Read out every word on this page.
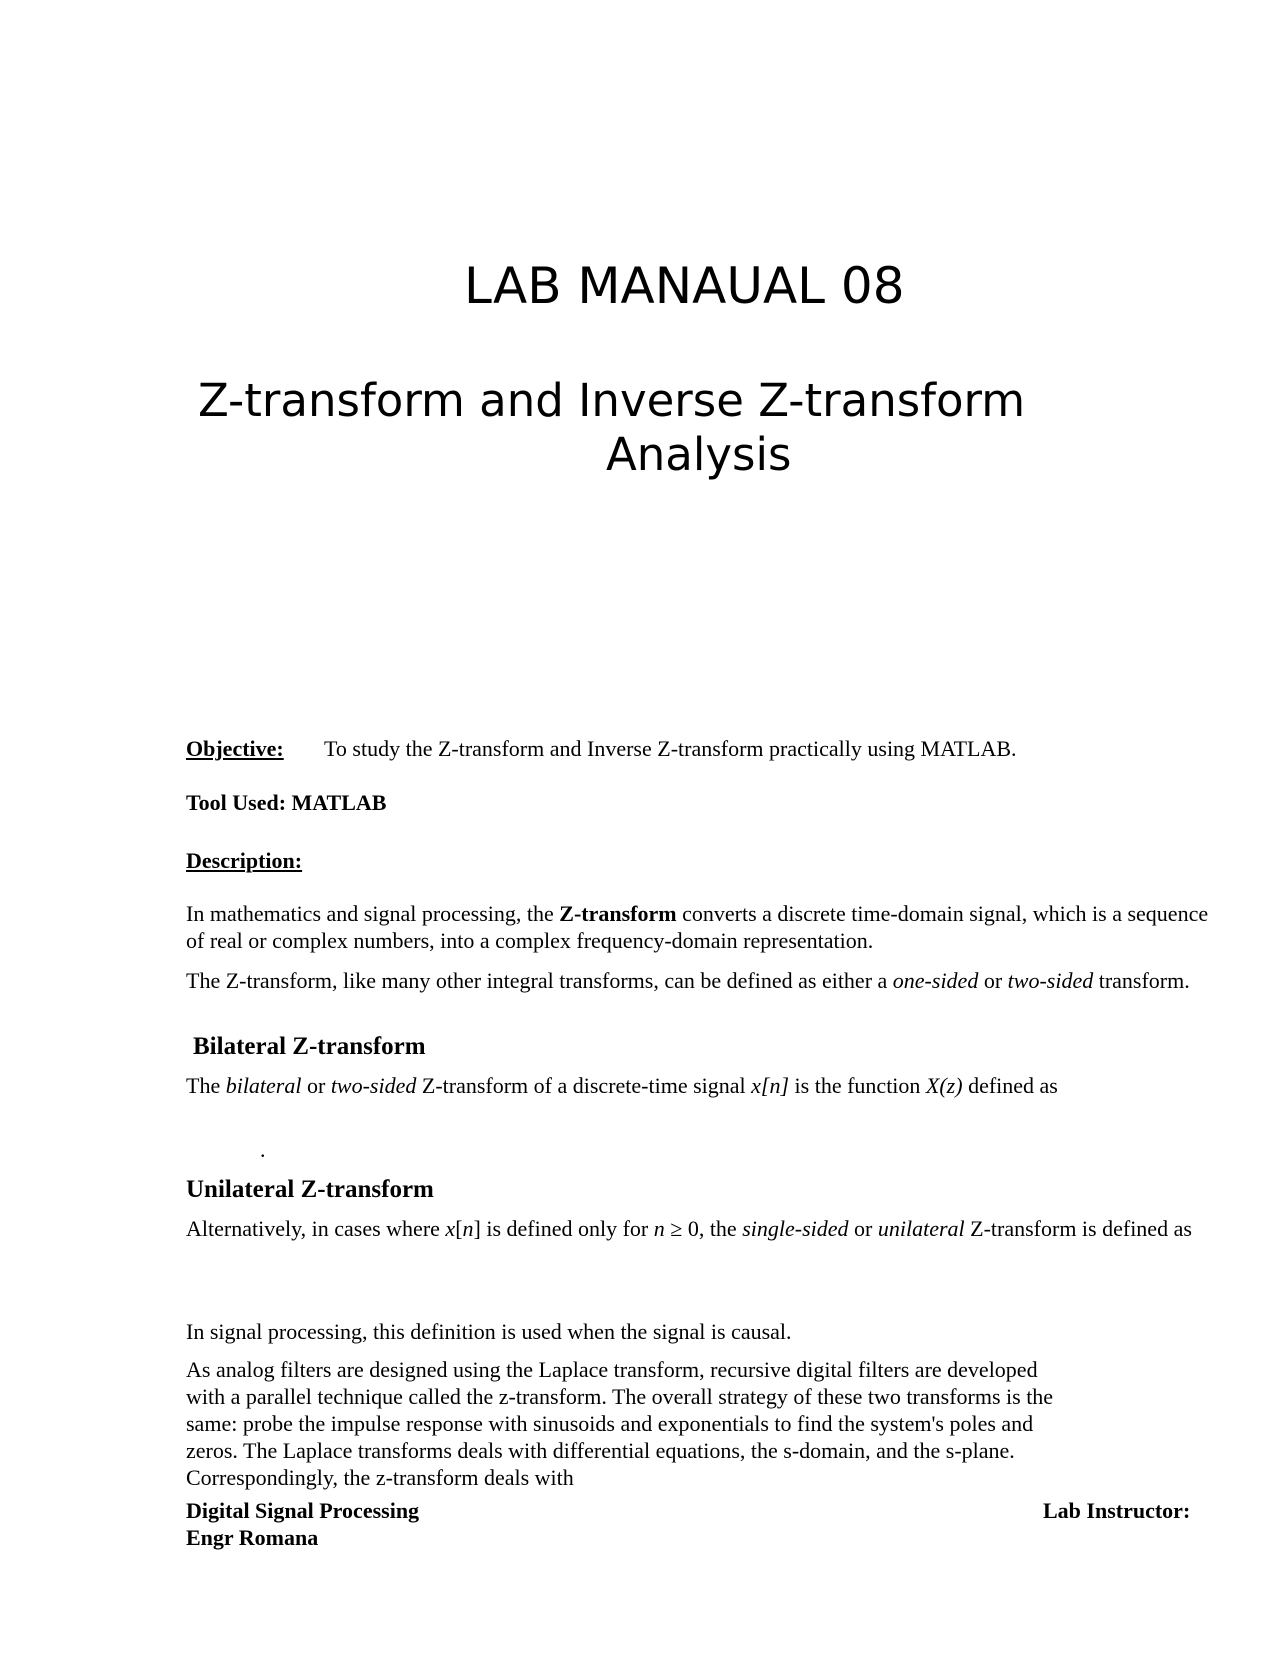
LAB MANAUAL 08
Z-transform and Inverse Z-transform
Analysis
Objective: To study the Z-transform and Inverse Z-transform practically using MATLAB.
Tool Used: MATLAB
Description:

In mathematics and signal processing, the Z-transform converts a discrete time-domain signal, which is a sequence of real or complex numbers, into a complex frequency-domain representation.

The Z-transform, like many other integral transforms, can be defined as either a one-sided or two-sided transform.

Bilateral Z-transform

The bilateral or two-sided Z-transform of a discrete-time signal x[n] is the function X(z) defined as

.
Unilateral Z-transform

Alternatively, in cases where x[n] is defined only for n ≥ 0, the single-sided or unilateral Z-transform is defined as

In signal processing, this definition is used when the signal is causal.

As analog filters are designed using the Laplace transform, recursive digital filters are developed with a parallel technique called the z-transform. The overall strategy of these two transforms is the same: probe the impulse response with sinusoids and exponentials to find the system's poles and zeros. The Laplace transforms deals with differential equations, the s-domain, and the s-plane. Correspondingly, the z-transform deals with

Digital Signal Processing	Lab Instructor:
Engr Romana
